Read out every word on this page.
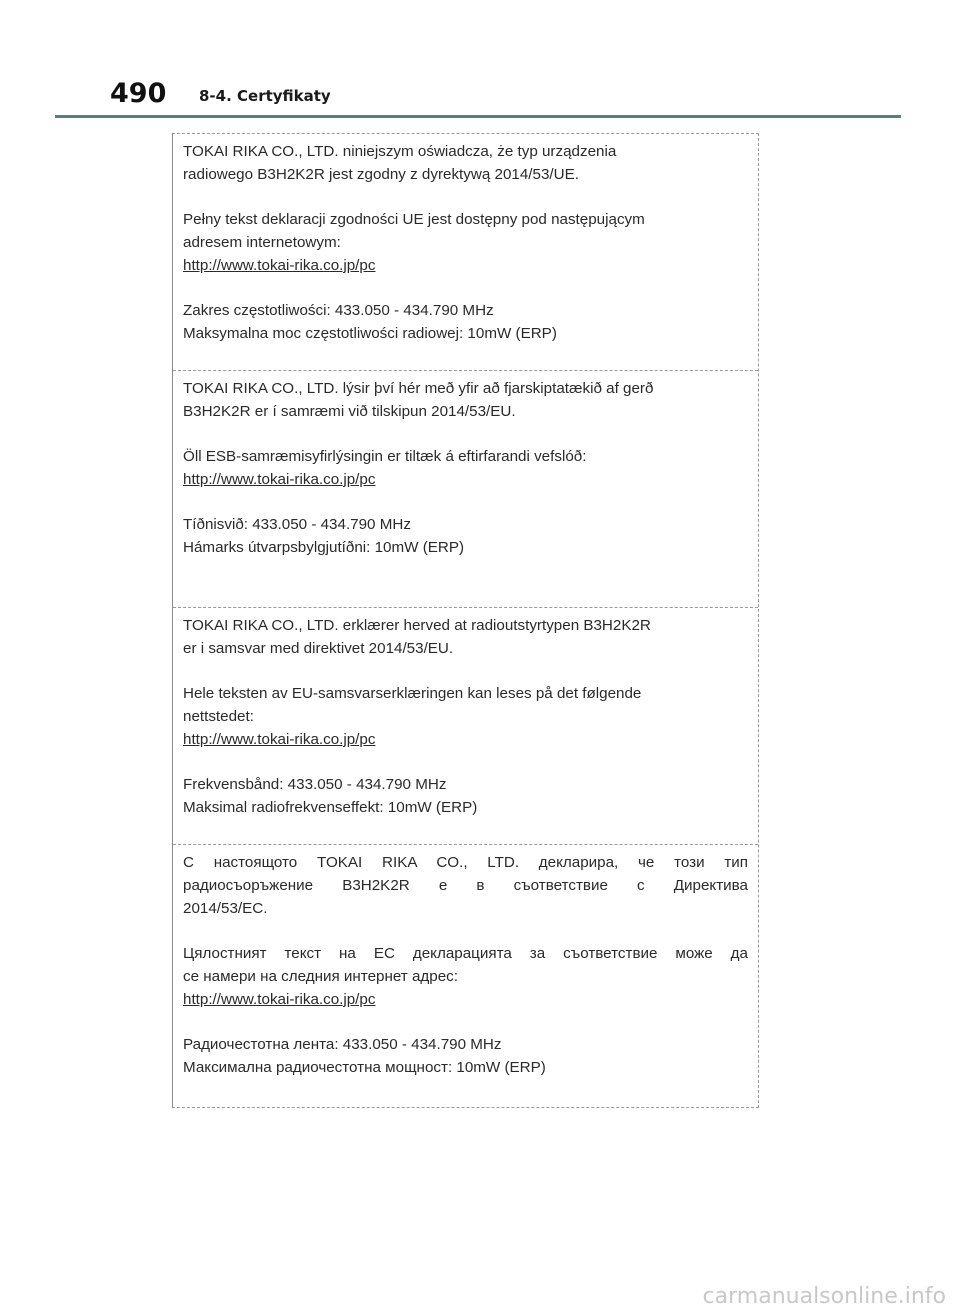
490 8-4. Certyfikaty

TOKAI RIKA CO., LTD. niniejszym oświadcza, że typ urządzenia

radiowego B3H2K2R jest zgodny z dyrektywą 2014/53/UE.

Pełny tekst deklaracji zgodności UE jest dostępny pod następującym

adresem internetowym:

http://www.tokai-rika.co.jp/pc

Zakres częstotliwości: 433.050 - 434.790 MHz

Maksymalna moc częstotliwości radiowej: 10mW (ERP)

TOKAI RIKA CO., LTD. lýsir því hér með yfir að fjarskiptatækið af gerð

B3H2K2R er í samræmi við tilskipun 2014/53/EU.

Öll ESB-samræmisyfirlýsingin er tiltæk á eftirfarandi vefslóð:

http://www.tokai-rika.co.jp/pc

Tíðnisvið: 433.050 - 434.790 MHz

Hámarks útvarpsbylgjutíðni: 10mW (ERP)

TOKAI RIKA CO., LTD. erklærer herved at radioutstyrtypen B3H2K2R

er i samsvar med direktivet 2014/53/EU.

Hele teksten av EU-samsvarserklæringen kan leses på det følgende

nettstedet:

http://www.tokai-rika.co.jp/pc

Frekvensbånd: 433.050 - 434.790 MHz

Maksimal radiofrekvenseffekt: 10mW (ERP)

С настоящото TOKAI RIKA CO., LTD. декларира, че този тип

радиосъоръжение B3H2K2R е в съответствие с Директива

2014/53/ЕС.

Цялостният текст на ЕС декларацията за съответствие може да

се намери на следния интернет адрес:

http://www.tokai-rika.co.jp/pc

Радиочестотна лента: 433.050 - 434.790 MHz

Максимална радиочестотна мощност: 10mW (ERP)

carmanualsonline.info
